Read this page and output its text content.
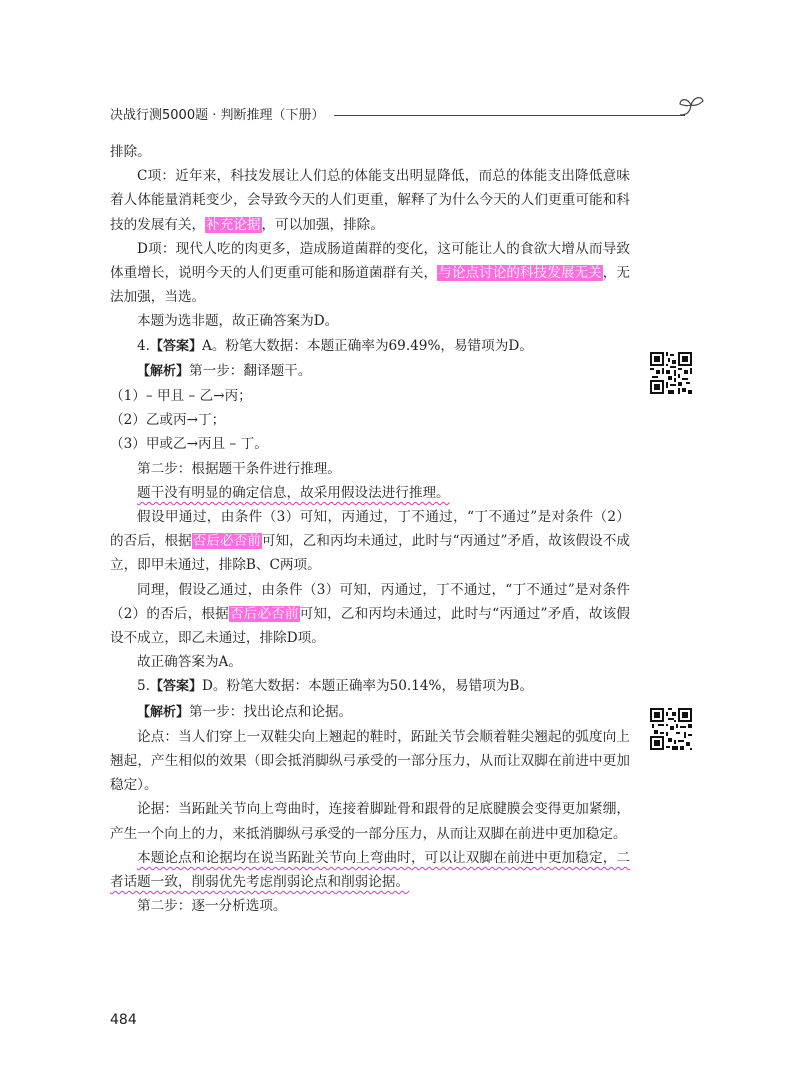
决战行测5000题 · 判断推理（下册）

排除。

C项：近年来，科技发展让人们总的体能支出明显降低，而总的体能支出降低意味着人体能量消耗变少，会导致今天的人们更重，解释了为什么今天的人们更重可能和科技的发展有关，补充论据，可以加强，排除。

D项：现代人吃的肉更多，造成肠道菌群的变化，这可能让人的食欲大增从而导致体重增长，说明今天的人们更重可能和肠道菌群有关，与论点讨论的科技发展无关，无法加强，当选。

本题为选非题，故正确答案为D。

4.【答案】A。粉笔大数据：本题正确率为69.49%，易错项为D。

【解析】第一步：翻译题干。

（1）– 甲且 – 乙→丙；

（2）乙或丙→丁；

（3）甲或乙→丙且 – 丁。

第二步：根据题干条件进行推理。

题干没有明显的确定信息，故采用假设法进行推理。

假设甲通过，由条件（3）可知，丙通过，丁不通过，“丁不通过”是对条件（2）的否后，根据否后必否前可知，乙和丙均未通过，此时与“丙通过”矛盾，故该假设不成立，即甲未通过，排除B、C两项。

同理，假设乙通过，由条件（3）可知，丙通过，丁不通过，“丁不通过”是对条件（2）的否后，根据否后必否前可知，乙和丙均未通过，此时与“丙通过”矛盾，故该假设不成立，即乙未通过，排除D项。

故正确答案为A。

5.【答案】D。粉笔大数据：本题正确率为50.14%，易错项为B。

【解析】第一步：找出论点和论据。

论点：当人们穿上一双鞋尖向上翘起的鞋时，跖趾关节会顺着鞋尖翘起的弧度向上翘起，产生相似的效果（即会抵消脚纵弓承受的一部分压力，从而让双脚在前进中更加稳定）。

论据：当跖趾关节向上弯曲时，连接着脚趾骨和跟骨的足底腱膜会变得更加紧绷，产生一个向上的力，来抵消脚纵弓承受的一部分压力，从而让双脚在前进中更加稳定。

本题论点和论据均在说当跖趾关节向上弯曲时，可以让双脚在前进中更加稳定，二者话题一致，削弱优先考虑削弱论点和削弱论据。

第二步：逐一分析选项。

484
